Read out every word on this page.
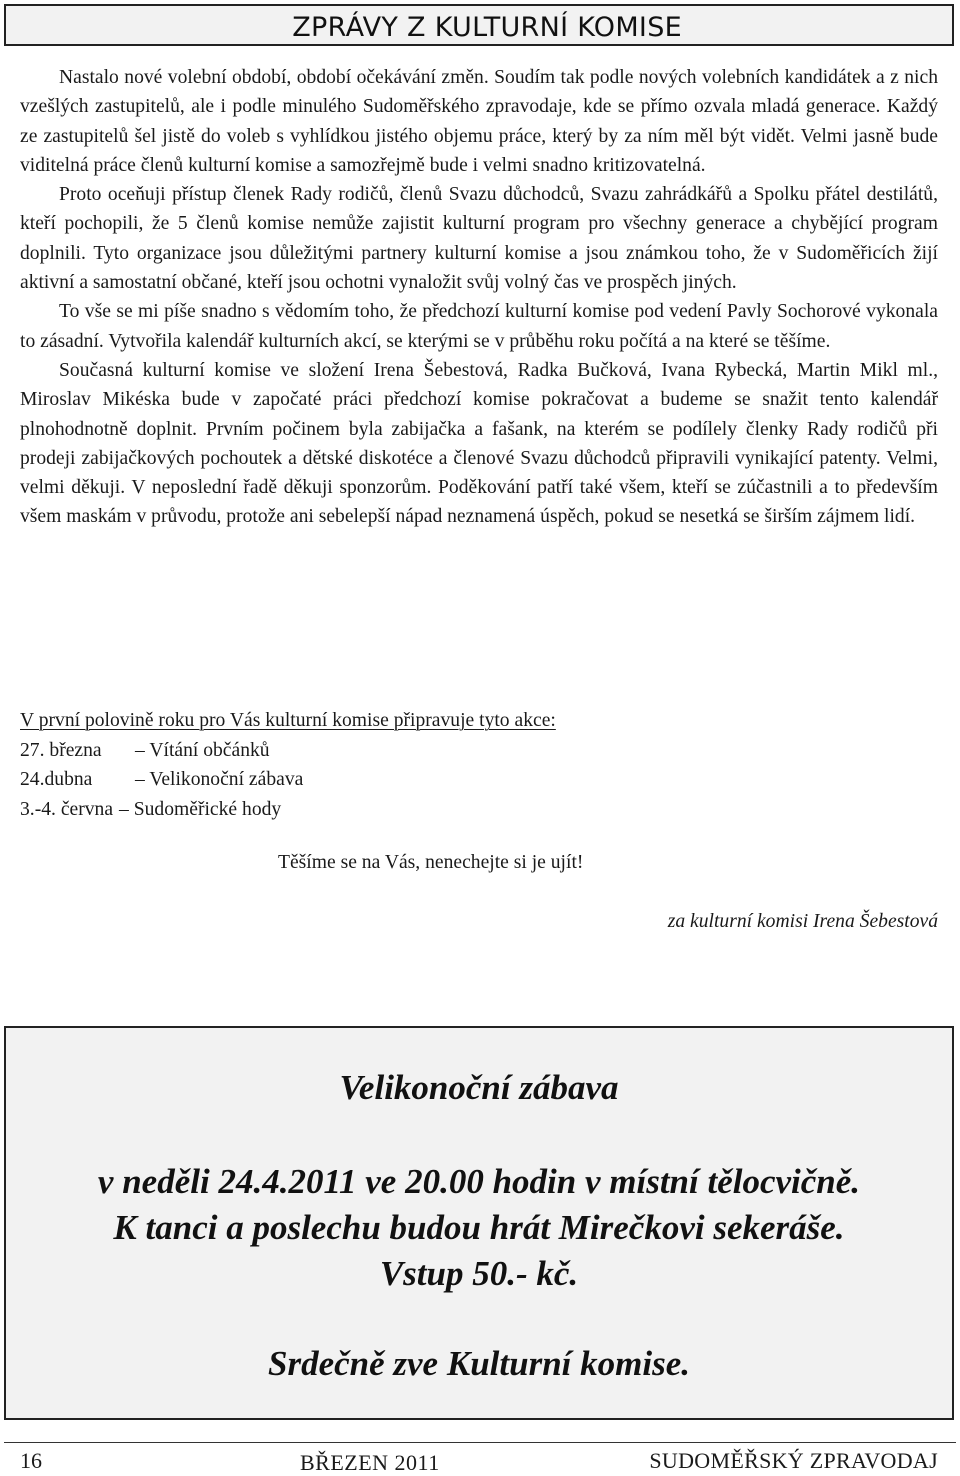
ZPRÁVY Z KULTURNÍ KOMISE

Nastalo nové volební období, období očekávání změn. Soudím tak podle nových volebních kandidátek a z nich vzešlých zastupitelů, ale i podle minulého Sudoměřského zpravodaje, kde se přímo ozvala mladá generace. Každý ze zastupitelů šel jistě do voleb s vyhlídkou jistého objemu práce, který by za ním měl být vidět. Velmi jasně bude viditelná práce členů kulturní komise a samozřejmě bude i velmi snadno kritizovatelná.

Proto oceňuji přístup členek Rady rodičů, členů Svazu důchodců, Svazu zahrádkářů a Spolku přátel destilátů, kteří pochopili, že 5 členů komise nemůže zajistit kulturní program pro všechny generace a chybějící program doplnili. Tyto organizace jsou důležitými partnery kulturní komise a jsou známkou toho, že v Sudoměřicích žijí aktivní a samostatní občané, kteří jsou ochotni vynaložit svůj volný čas ve prospěch jiných.

To vše se mi píše snadno s vědomím toho, že předchozí kulturní komise pod vedení Pavly Sochorové vykonala to zásadní. Vytvořila kalendář kulturních akcí, se kterými se v průběhu roku počítá a na které se těšíme.

Současná kulturní komise ve složení Irena Šebestová, Radka Bučková, Ivana Rybecká, Martin Mikl ml., Miroslav Mikéska bude v započaté práci předchozí komise pokračovat a budeme se snažit tento kalendář plnohodnotně doplnit. Prvním počinem byla zabijačka a fašank, na kterém se podílely členky Rady rodičů při prodeji zabijačkových pochoutek a dětské diskotéce a členové Svazu důchodců připravili vynikající patenty. Velmi, velmi děkuji. V neposlední řadě děkuji sponzorům. Poděkování patří také všem, kteří se zúčastnili a to především všem maskám v průvodu, protože ani sebelepší nápad neznamená úspěch, pokud se nesetká se širším zájmem lidí.

V první polovině roku pro Vás kulturní komise připravuje tyto akce:
27. března – Vítání občánků
24.dubna – Velikonoční zábava
3.-4. června – Sudoměřické hody
Těšíme se na Vás, nenechejte si je ujít!
za kulturní komisi Irena Šebestová
Velikonoční zábava
v neděli 24.4.2011 ve 20.00 hodin v místní tělocvičně.
K tanci a poslechu budou hrát Mirečkovi sekeráše.
Vstup 50.- kč.
Srdečně zve Kulturní komise.
16	BŘEZEN 2011	SUDOMĚŘSKÝ ZPRAVODAJ
